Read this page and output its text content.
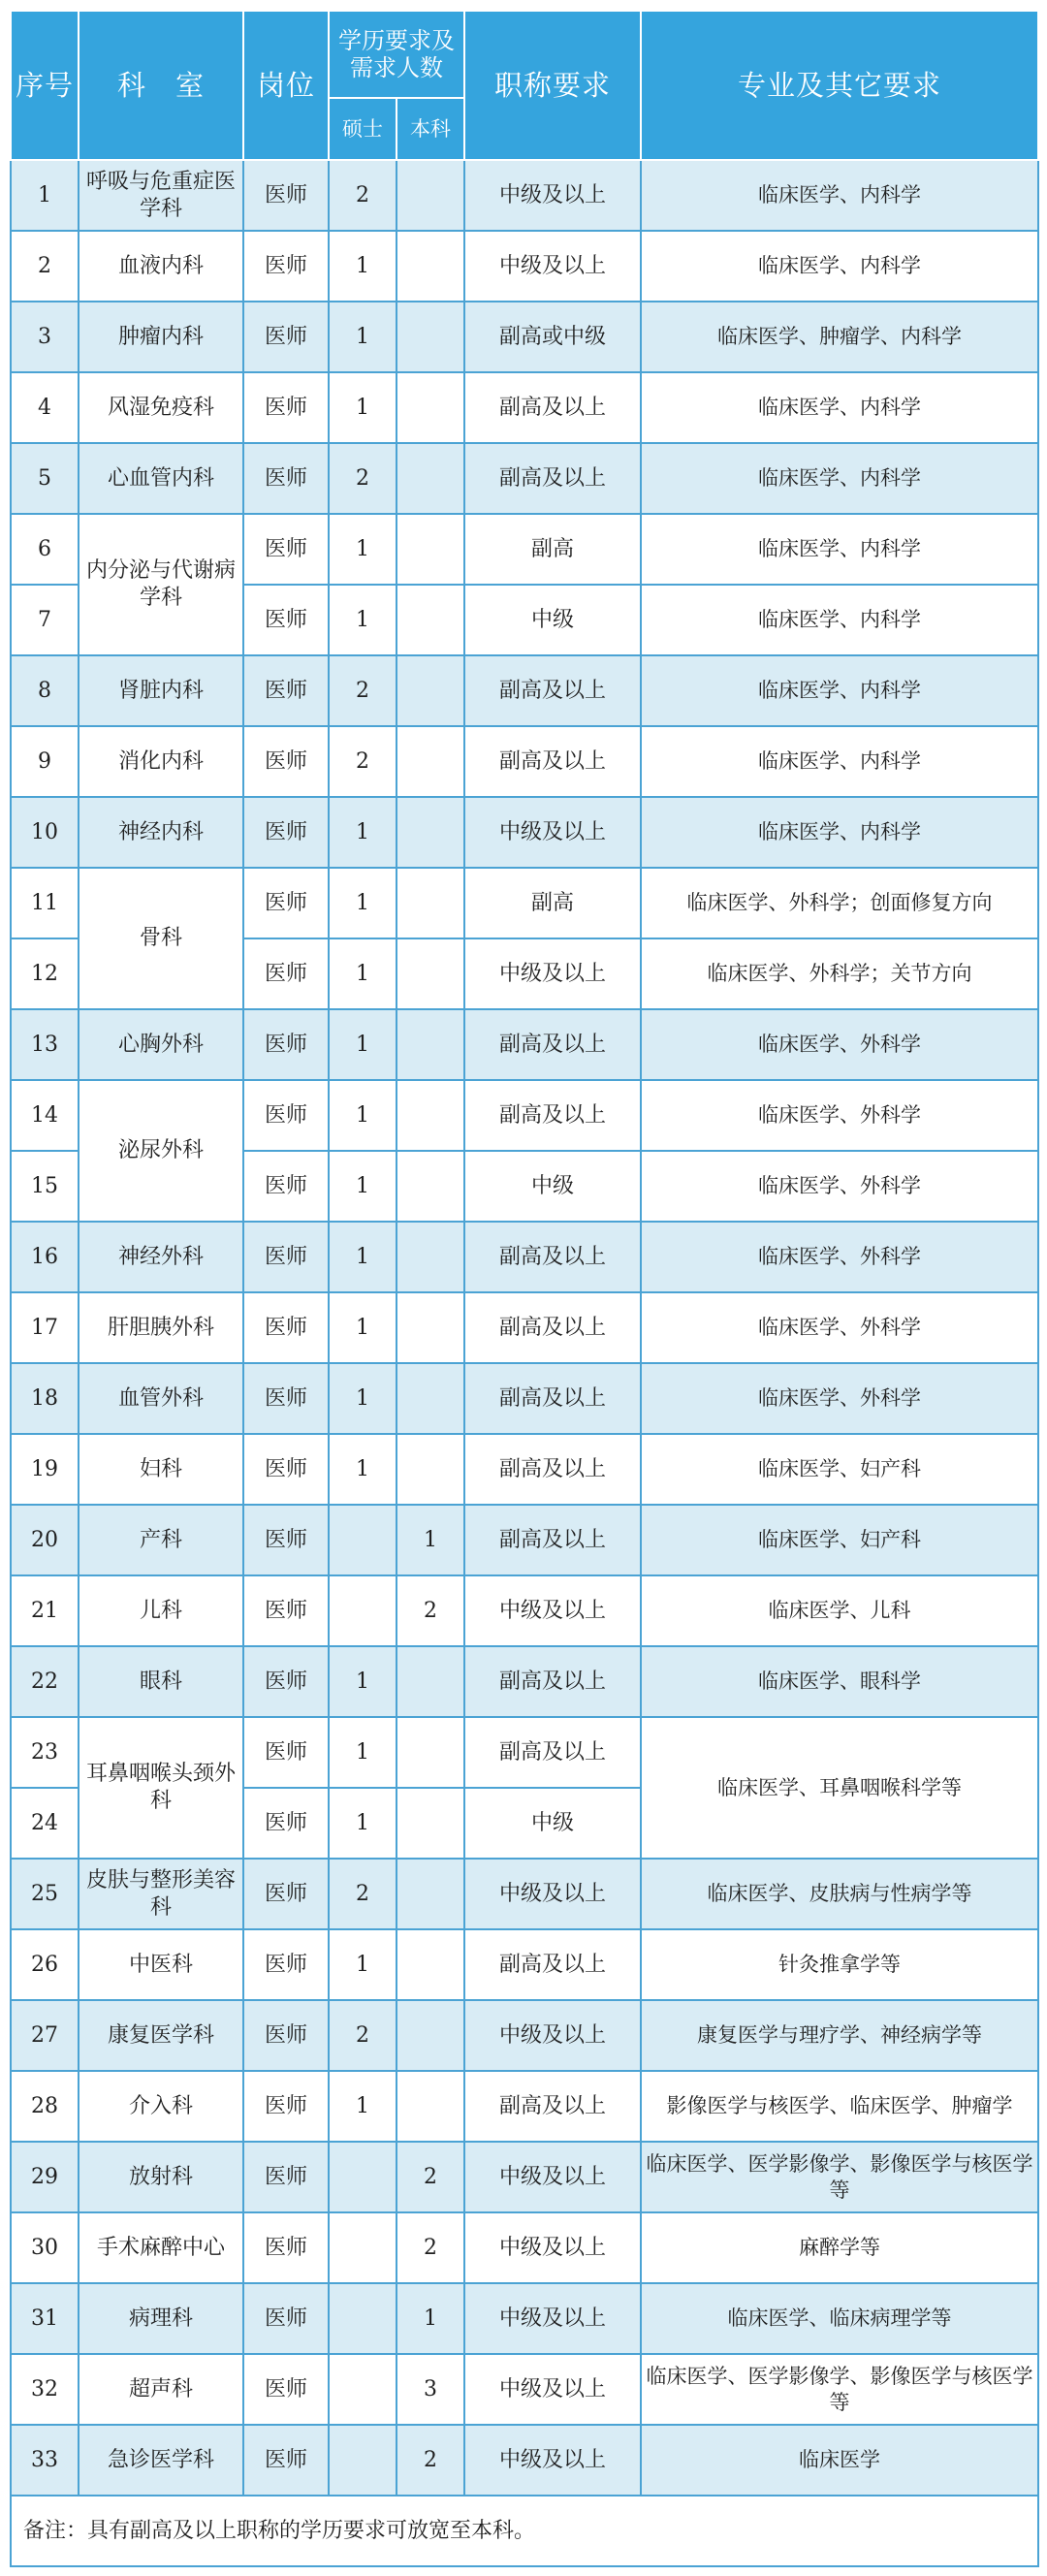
序号	科　室	岗位	学历要求及需求人数		职称要求	专业及其它要求
			硕士	本科		
1	呼吸与危重症医学科	医师	2		中级及以上	临床医学、内科学
2	血液内科	医师	1		中级及以上	临床医学、内科学
3	肿瘤内科	医师	1		副高或中级	临床医学、肿瘤学、内科学
4	风湿免疫科	医师	1		副高及以上	临床医学、内科学
5	心血管内科	医师	2		副高及以上	临床医学、内科学
6	内分泌与代谢病学科	医师	1		副高	临床医学、内科学
7		医师	1		中级	临床医学、内科学
8	肾脏内科	医师	2		副高及以上	临床医学、内科学
9	消化内科	医师	2		副高及以上	临床医学、内科学
10	神经内科	医师	1		中级及以上	临床医学、内科学
11	骨科	医师	1		副高	临床医学、外科学；创面修复方向
12		医师	1		中级及以上	临床医学、外科学；关节方向
13	心胸外科	医师	1		副高及以上	临床医学、外科学
14	泌尿外科	医师	1		副高及以上	临床医学、外科学
15		医师	1		中级	临床医学、外科学
16	神经外科	医师	1		副高及以上	临床医学、外科学
17	肝胆胰外科	医师	1		副高及以上	临床医学、外科学
18	血管外科	医师	1		副高及以上	临床医学、外科学
19	妇科	医师	1		副高及以上	临床医学、妇产科
20	产科	医师		1	副高及以上	临床医学、妇产科
21	儿科	医师		2	中级及以上	临床医学、儿科
22	眼科	医师	1		副高及以上	临床医学、眼科学
23	耳鼻咽喉头颈外科	医师	1		副高及以上	临床医学、耳鼻咽喉科学等
24		医师	1		中级	
25	皮肤与整形美容科	医师	2		中级及以上	临床医学、皮肤病与性病学等
26	中医科	医师	1		副高及以上	针灸推拿学等
27	康复医学科	医师	2		中级及以上	康复医学与理疗学、神经病学等
28	介入科	医师	1		副高及以上	影像医学与核医学、临床医学、肿瘤学
29	放射科	医师		2	中级及以上	临床医学、医学影像学、影像医学与核医学等
30	手术麻醉中心	医师		2	中级及以上	麻醉学等
31	病理科	医师		1	中级及以上	临床医学、临床病理学等
32	超声科	医师		3	中级及以上	临床医学、医学影像学、影像医学与核医学等
33	急诊医学科	医师		2	中级及以上	临床医学
备注：具有副高及以上职称的学历要求可放宽至本科。						
